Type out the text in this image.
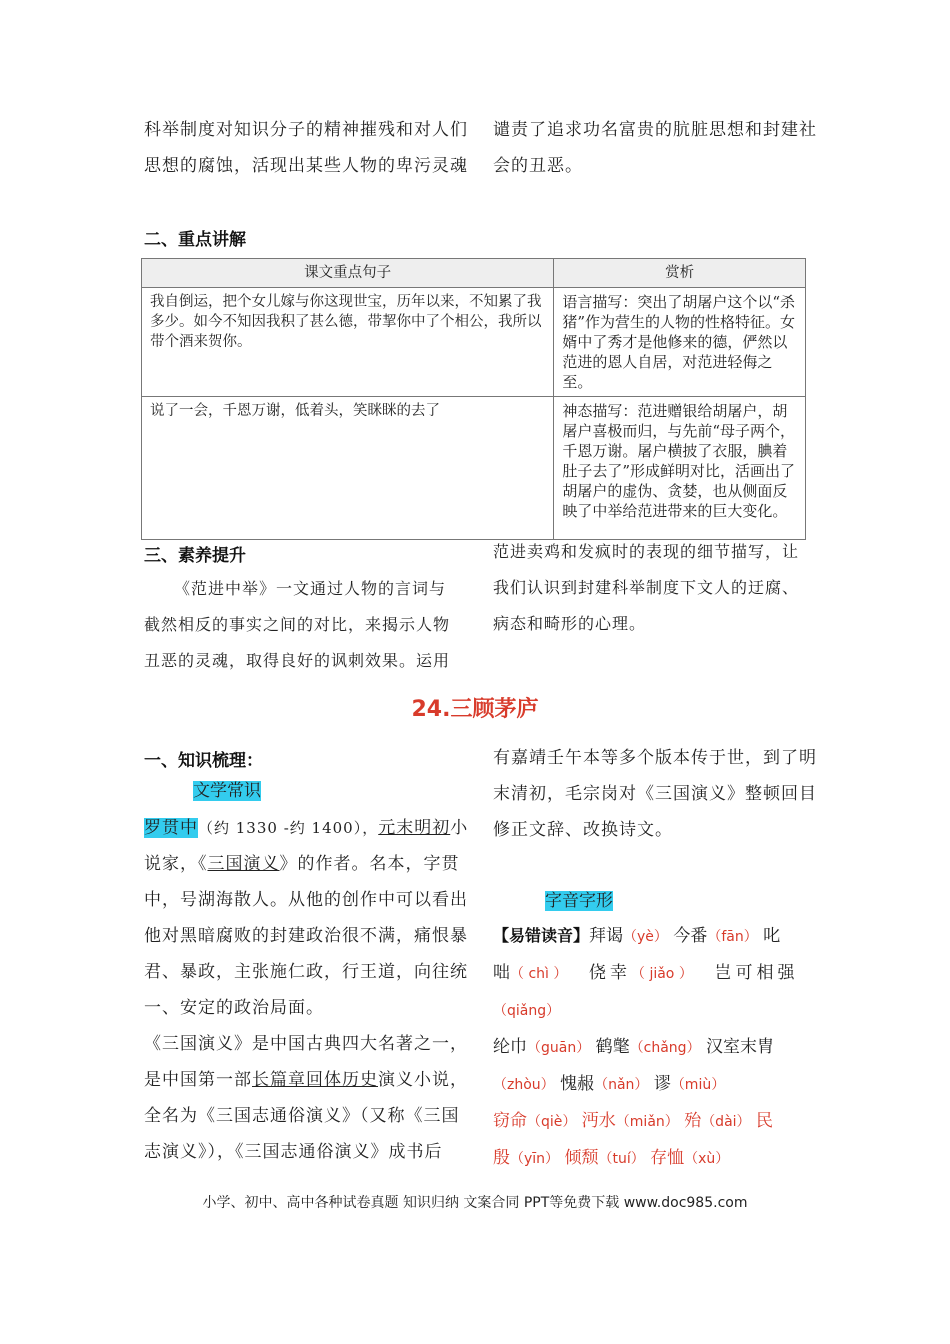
科举制度对知识分子的精神摧残和对人们
思想的腐蚀，活现出某些人物的卑污灵魂
谴责了追求功名富贵的肮脏思想和封建社
会的丑恶。
二、重点讲解
课文重点句子	赏析
我自倒运，把个女儿嫁与你这现世宝，历年以来，不知累了我多少。如今不知因我积了甚么德，带挈你中了个相公，我所以带个酒来贺你。	语言描写：突出了胡屠户这个以“杀猪”作为营生的人物的性格特征。女婿中了秀才是他修来的德，俨然以范进的恩人自居，对范进轻侮之至。
说了一会，千恩万谢，低着头，笑眯眯的去了	神态描写：范进赠银给胡屠户，胡屠户喜极而归，与先前“母子两个，千恩万谢。屠户横披了衣服，腆着肚子去了”形成鲜明对比，活画出了胡屠户的虚伪、贪婪，也从侧面反映了中举给范进带来的巨大变化。
三、素养提升
《范进中举》一文通过人物的言词与
截然相反的事实之间的对比，来揭示人物
丑恶的灵魂，取得良好的讽刺效果。运用
范进卖鸡和发疯时的表现的细节描写，让
我们认识到封建科举制度下文人的迂腐、
病态和畸形的心理。
24.三顾茅庐
一、知识梳理：
文学常识
罗贯中（约 1330 -约 1400），元末明初小
说家，《三国演义》的作者。名本，字贯
中，号湖海散人。从他的创作中可以看出
他对黑暗腐败的封建政治很不满，痛恨暴
君、暴政，主张施仁政，行王道，向往统
一、安定的政治局面。
《三国演义》是中国古典四大名著之一，
是中国第一部长篇章回体历史演义小说，
全名为《三国志通俗演义》（又称《三国
志演义》），《三国志通俗演义》成书后
有嘉靖壬午本等多个版本传于世，到了明
末清初，毛宗岗对《三国演义》整顿回目
修正文辞、改换诗文。
字音字形
【易错读音】拜谒（yè） 今番（fān） 叱
咄（ chì ） 侥幸（ jiǎo ） 岂可相强
（qiǎng）
纶巾（guān） 鹤氅（chǎng） 汉室末胄
（zhòu） 愧赧（nǎn） 谬（miù）
窃命（qiè） 沔水（miǎn） 殆（dài） 民
殷（yīn） 倾颓（tuí） 存恤（xù）
小学、初中、高中各种试卷真题 知识归纳 文案合同 PPT等免费下载 www.doc985.com
